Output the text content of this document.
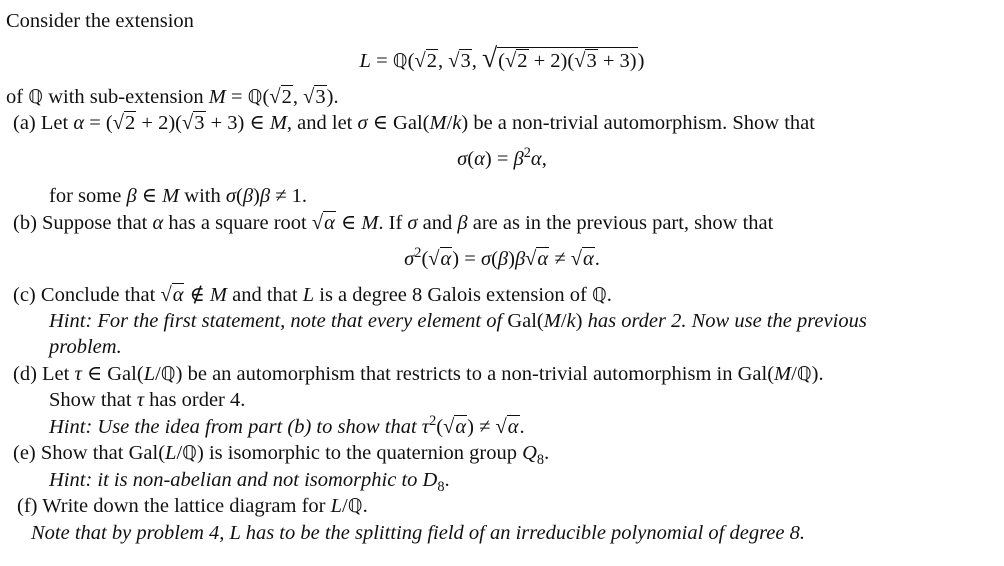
Consider the extension
L = ℚ(√2, √3, √(√2 + 2)(√3 + 3))
of ℚ with sub-extension M = ℚ(√2, √3).
(a) Let α = (√2 + 2)(√3 + 3) ∈ M, and let σ ∈ Gal(M/k) be a non-trivial automorphism. Show that
$\sigma(\alpha) = \beta^2\alpha$,
for some β ∈ M with σ(β)β ≠ 1.
(b) Suppose that α has a square root √α ∈ M. If σ and β are as in the previous part, show that
$\sigma^2(√\alpha) = \sigma(\beta)\beta√\alpha \ne √\alpha$.
(c) Conclude that √α ∉ M and that L is a degree 8 Galois extension of ℚ.
Hint: For the first statement, note that every element of Gal(M/k) has order 2. Now use the previous
problem.
(d) Let τ ∈ Gal(L/ℚ) be an automorphism that restricts to a non-trivial automorphism in Gal(M/ℚ).
Show that τ has order 4.
Hint: Use the idea from part (b) to show that $\tau^2(√\alpha) \ne √\alpha$.
(e) Show that Gal(L/ℚ) is isomorphic to the quaternion group $Q_8$.
Hint: it is non-abelian and not isomorphic to $D_8$.
(f) Write down the lattice diagram for L/ℚ.
Note that by problem 4, L has to be the splitting field of an irreducible polynomial of degree 8.
